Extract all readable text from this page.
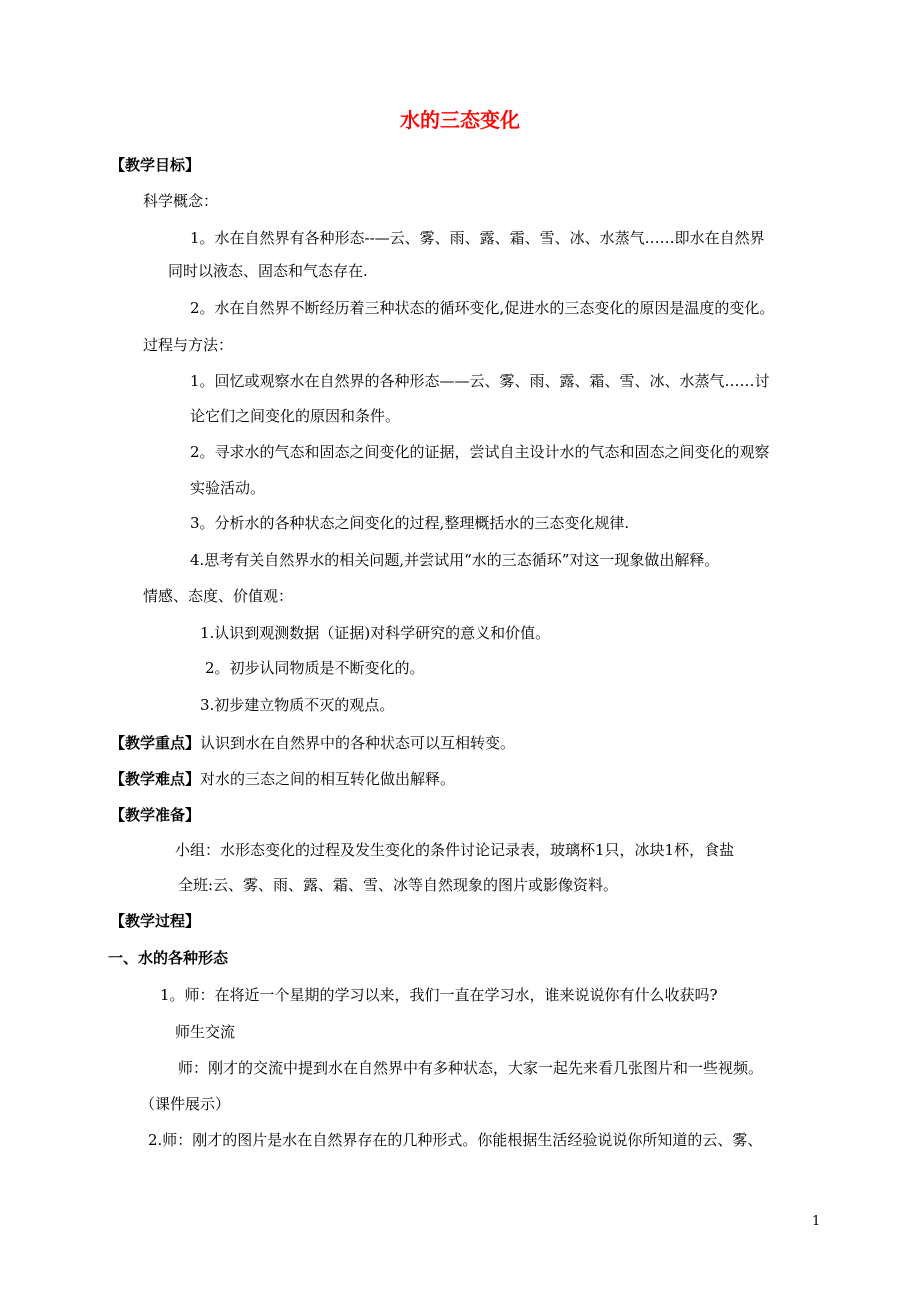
水的三态变化
【教学目标】
科学概念：
1。水在自然界有各种形态--—云、雾、雨、露、霜、雪、冰、水蒸气……即水在自然界
同时以液态、固态和气态存在.
2。水在自然界不断经历着三种状态的循环变化,促进水的三态变化的原因是温度的变化。
过程与方法：
1。回忆或观察水在自然界的各种形态——云、雾、雨、露、霜、雪、冰、水蒸气……讨
论它们之间变化的原因和条件。
2。寻求水的气态和固态之间变化的证据，尝试自主设计水的气态和固态之间变化的观察
实验活动。
3。分析水的各种状态之间变化的过程,整理概括水的三态变化规律.
4.思考有关自然界水的相关问题,并尝试用“水的三态循环”对这一现象做出解释。
情感、态度、价值观：
1.认识到观测数据（证据)对科学研究的意义和价值。
2。初步认同物质是不断变化的。
3.初步建立物质不灭的观点。
【教学重点】认识到水在自然界中的各种状态可以互相转变。
【教学难点】对水的三态之间的相互转化做出解释。
【教学准备】
小组：水形态变化的过程及发生变化的条件讨论记录表，玻璃杯1只，冰块1杯，食盐
全班:云、雾、雨、露、霜、雪、冰等自然现象的图片或影像资料。
【教学过程】
一、水的各种形态
1。师：在将近一个星期的学习以来，我们一直在学习水，谁来说说你有什么收获吗?
师生交流
师：刚才的交流中提到水在自然界中有多种状态，大家一起先来看几张图片和一些视频。
（课件展示）
2.师：刚才的图片是水在自然界存在的几种形式。你能根据生活经验说说你所知道的云、雾、
1
